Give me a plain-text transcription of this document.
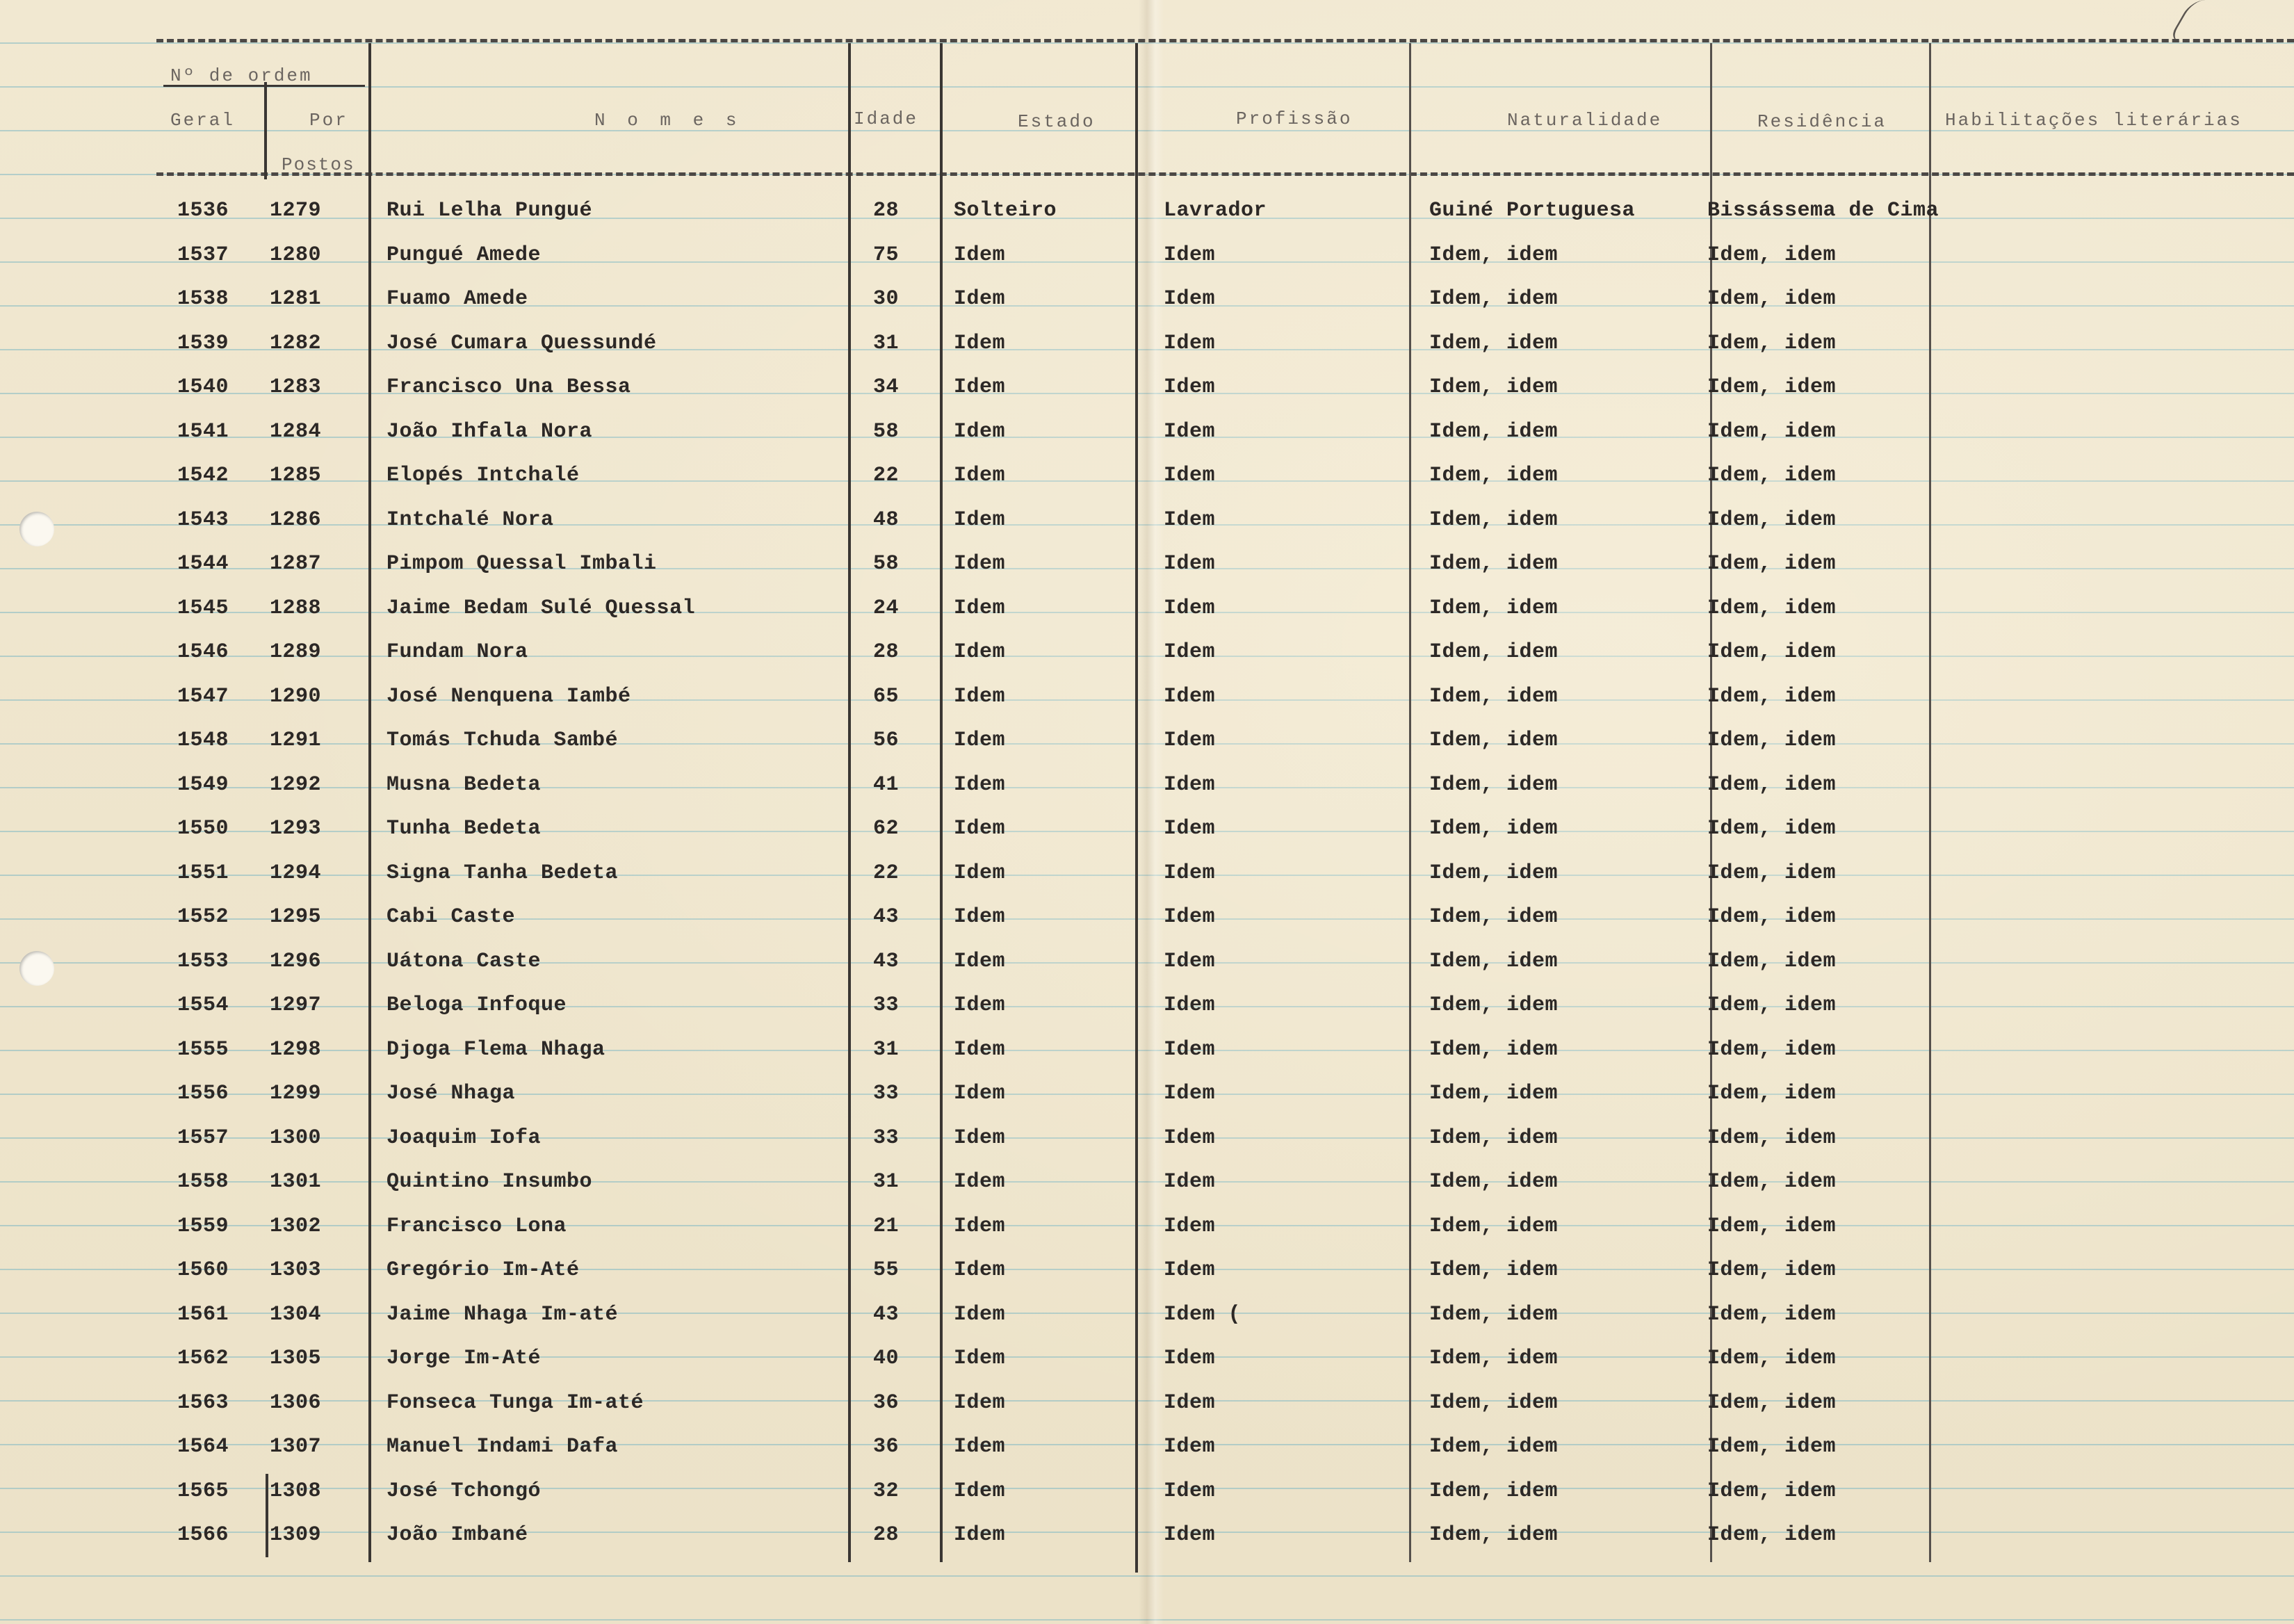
Nº de ordem
Geral	Por
Postos
N o m e s	Idade	Estado	Profissão	Naturalidade	Residência	Habilitações literárias
1536 1279	Rui Lelha Pungué	28	Solteiro	Lavrador	Guiné Portuguesa	Bissássema de Cima
1537 1280	Pungué Amede	75	Idem	Idem	Idem, idem	Idem, idem
1538 1281	Fuamo Amede	30	Idem	Idem	Idem, idem	Idem, idem
1539 1282	José Cumara Quessundé	31	Idem	Idem	Idem, idem	Idem, idem
1540 1283	Francisco Una Bessa	34	Idem	Idem	Idem, idem	Idem, idem
1541 1284	João Ihfala Nora	58	Idem	Idem	Idem, idem	Idem, idem
1542 1285	Elopés Intchalé	22	Idem	Idem	Idem, idem	Idem, idem
1543 1286	Intchalé Nora	48	Idem	Idem	Idem, idem	Idem, idem
1544 1287	Pimpom Quessal Imbali	58	Idem	Idem	Idem, idem	Idem, idem
1545 1288	Jaime Bedam Sulé Quessal	24	Idem	Idem	Idem, idem	Idem, idem
1546 1289	Fundam Nora	28	Idem	Idem	Idem, idem	Idem, idem
1547 1290	José Nenquena Iambé	65	Idem	Idem	Idem, idem	Idem, idem
1548 1291	Tomás Tchuda Sambé	56	Idem	Idem	Idem, idem	Idem, idem
1549 1292	Musna Bedeta	41	Idem	Idem	Idem, idem	Idem, idem
1550 1293	Tunha Bedeta	62	Idem	Idem	Idem, idem	Idem, idem
1551 1294	Signa Tanha Bedeta	22	Idem	Idem	Idem, idem	Idem, idem
1552 1295	Cabi Caste	43	Idem	Idem	Idem, idem	Idem, idem
1553 1296	Uátona Caste	43	Idem	Idem	Idem, idem	Idem, idem
1554 1297	Beloga Infoque	33	Idem	Idem	Idem, idem	Idem, idem
1555 1298	Djoga Flema Nhaga	31	Idem	Idem	Idem, idem	Idem, idem
1556 1299	José Nhaga	33	Idem	Idem	Idem, idem	Idem, idem
1557 1300	Joaquim Iofa	33	Idem	Idem	Idem, idem	Idem, idem
1558 1301	Quintino Insumbo	31	Idem	Idem	Idem, idem	Idem, idem
1559 1302	Francisco Lona	21	Idem	Idem	Idem, idem	Idem, idem
1560 1303	Gregório Im-Até	55	Idem	Idem	Idem, idem	Idem, idem
1561 1304	Jaime Nhaga Im-até	43	Idem	Idem (	Idem, idem	Idem, idem
1562 1305	Jorge Im-Até	40	Idem	Idem	Idem, idem	Idem, idem
1563 1306	Fonseca Tunga Im-até	36	Idem	Idem	Idem, idem	Idem, idem
1564 1307	Manuel Indami Dafa	36	Idem	Idem	Idem, idem	Idem, idem
1565 1308	José Tchongó	32	Idem	Idem	Idem, idem	Idem, idem
1566 1309	João Imbané	28	Idem	Idem	Idem, idem	Idem, idem
